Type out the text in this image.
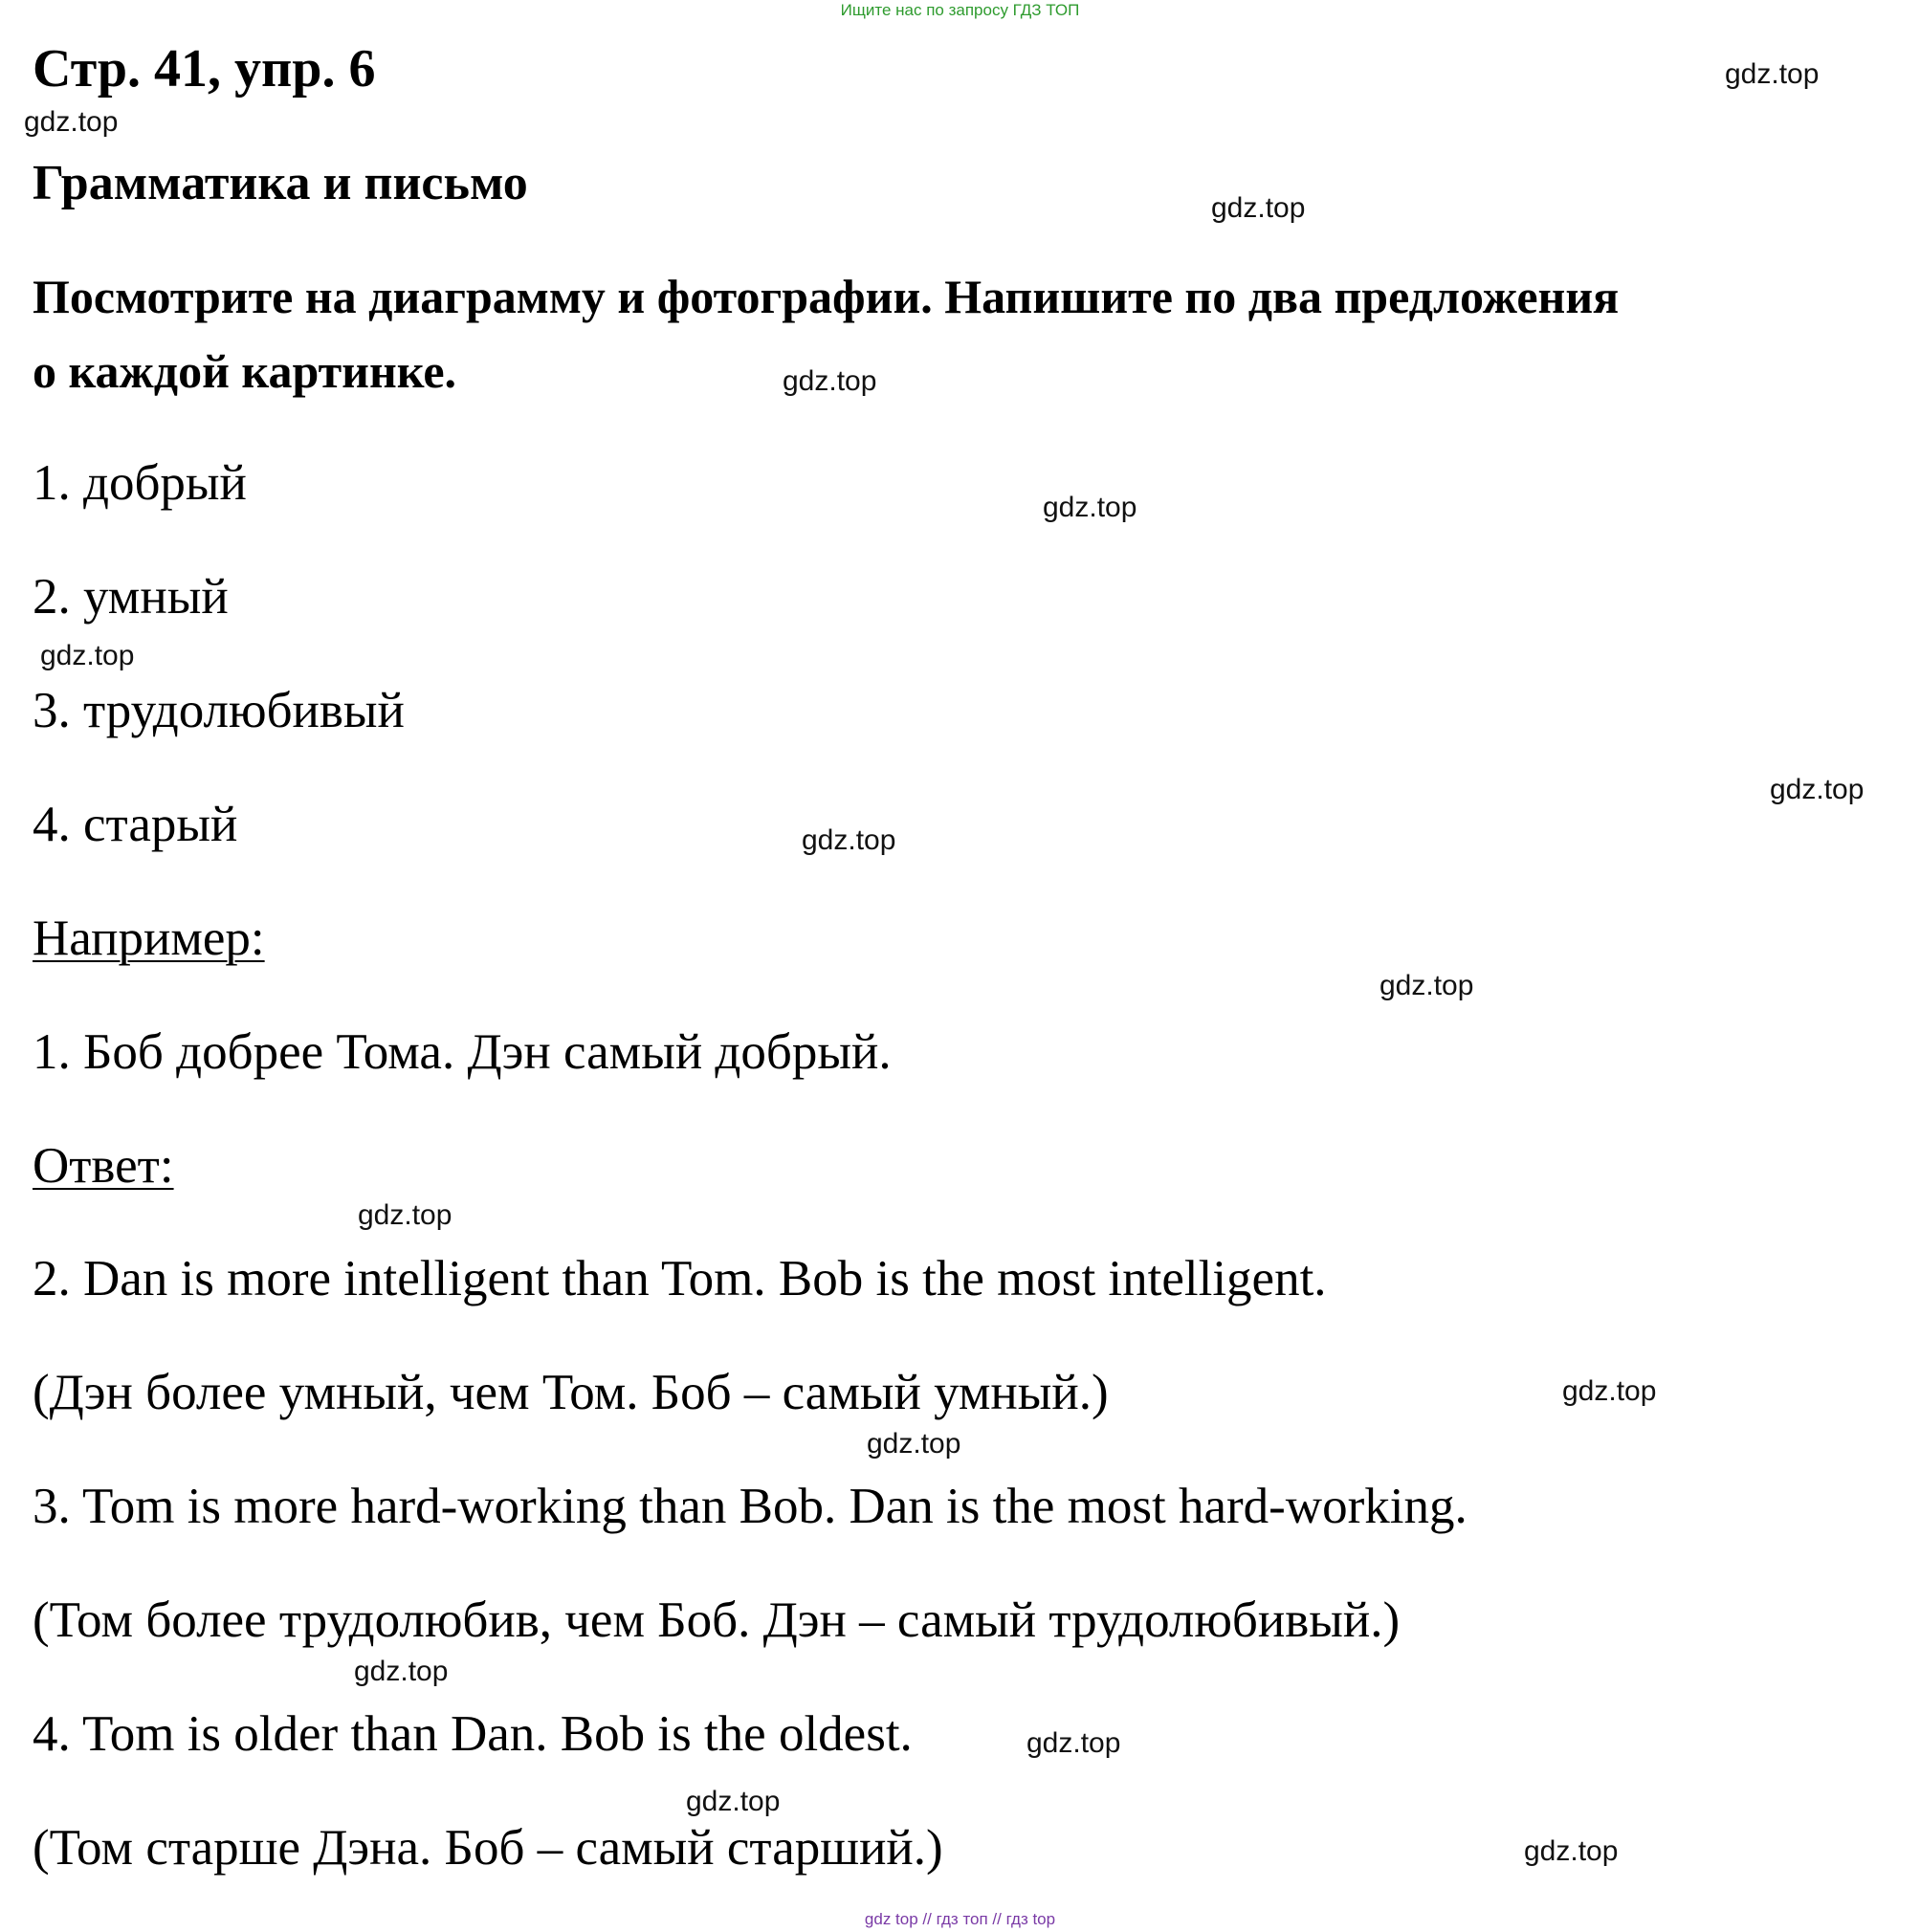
Ищите нас по запросу ГДЗ ТОП
Стр. 41, упр. 6
Грамматика и письмо
Посмотрите на диаграмму и фотографии. Напишите по два предложения
о каждой картинке.
1. добрый
2. умный
3. трудолюбивый
4. старый
Например:
1. Боб добрее Тома. Дэн самый добрый.
Ответ:
2. Dan is more intelligent than Tom. Bob is the most intelligent.
(Дэн более умный, чем Том. Боб – самый умный.)
3. Tom is more hard-working than Bob. Dan is the most hard-working.
(Том более трудолюбив, чем Боб. Дэн – самый трудолюбивый.)
4. Tom is older than Dan. Bob is the oldest.
(Том старше Дэна. Боб – самый старший.)
gdz.top
gdz.top
gdz.top
gdz.top
gdz.top
gdz.top
gdz.top
gdz.top
gdz.top
gdz.top
gdz.top
gdz.top
gdz.top
gdz.top
gdz.top
gdz.top
gdz top // гдз топ // гдз top
